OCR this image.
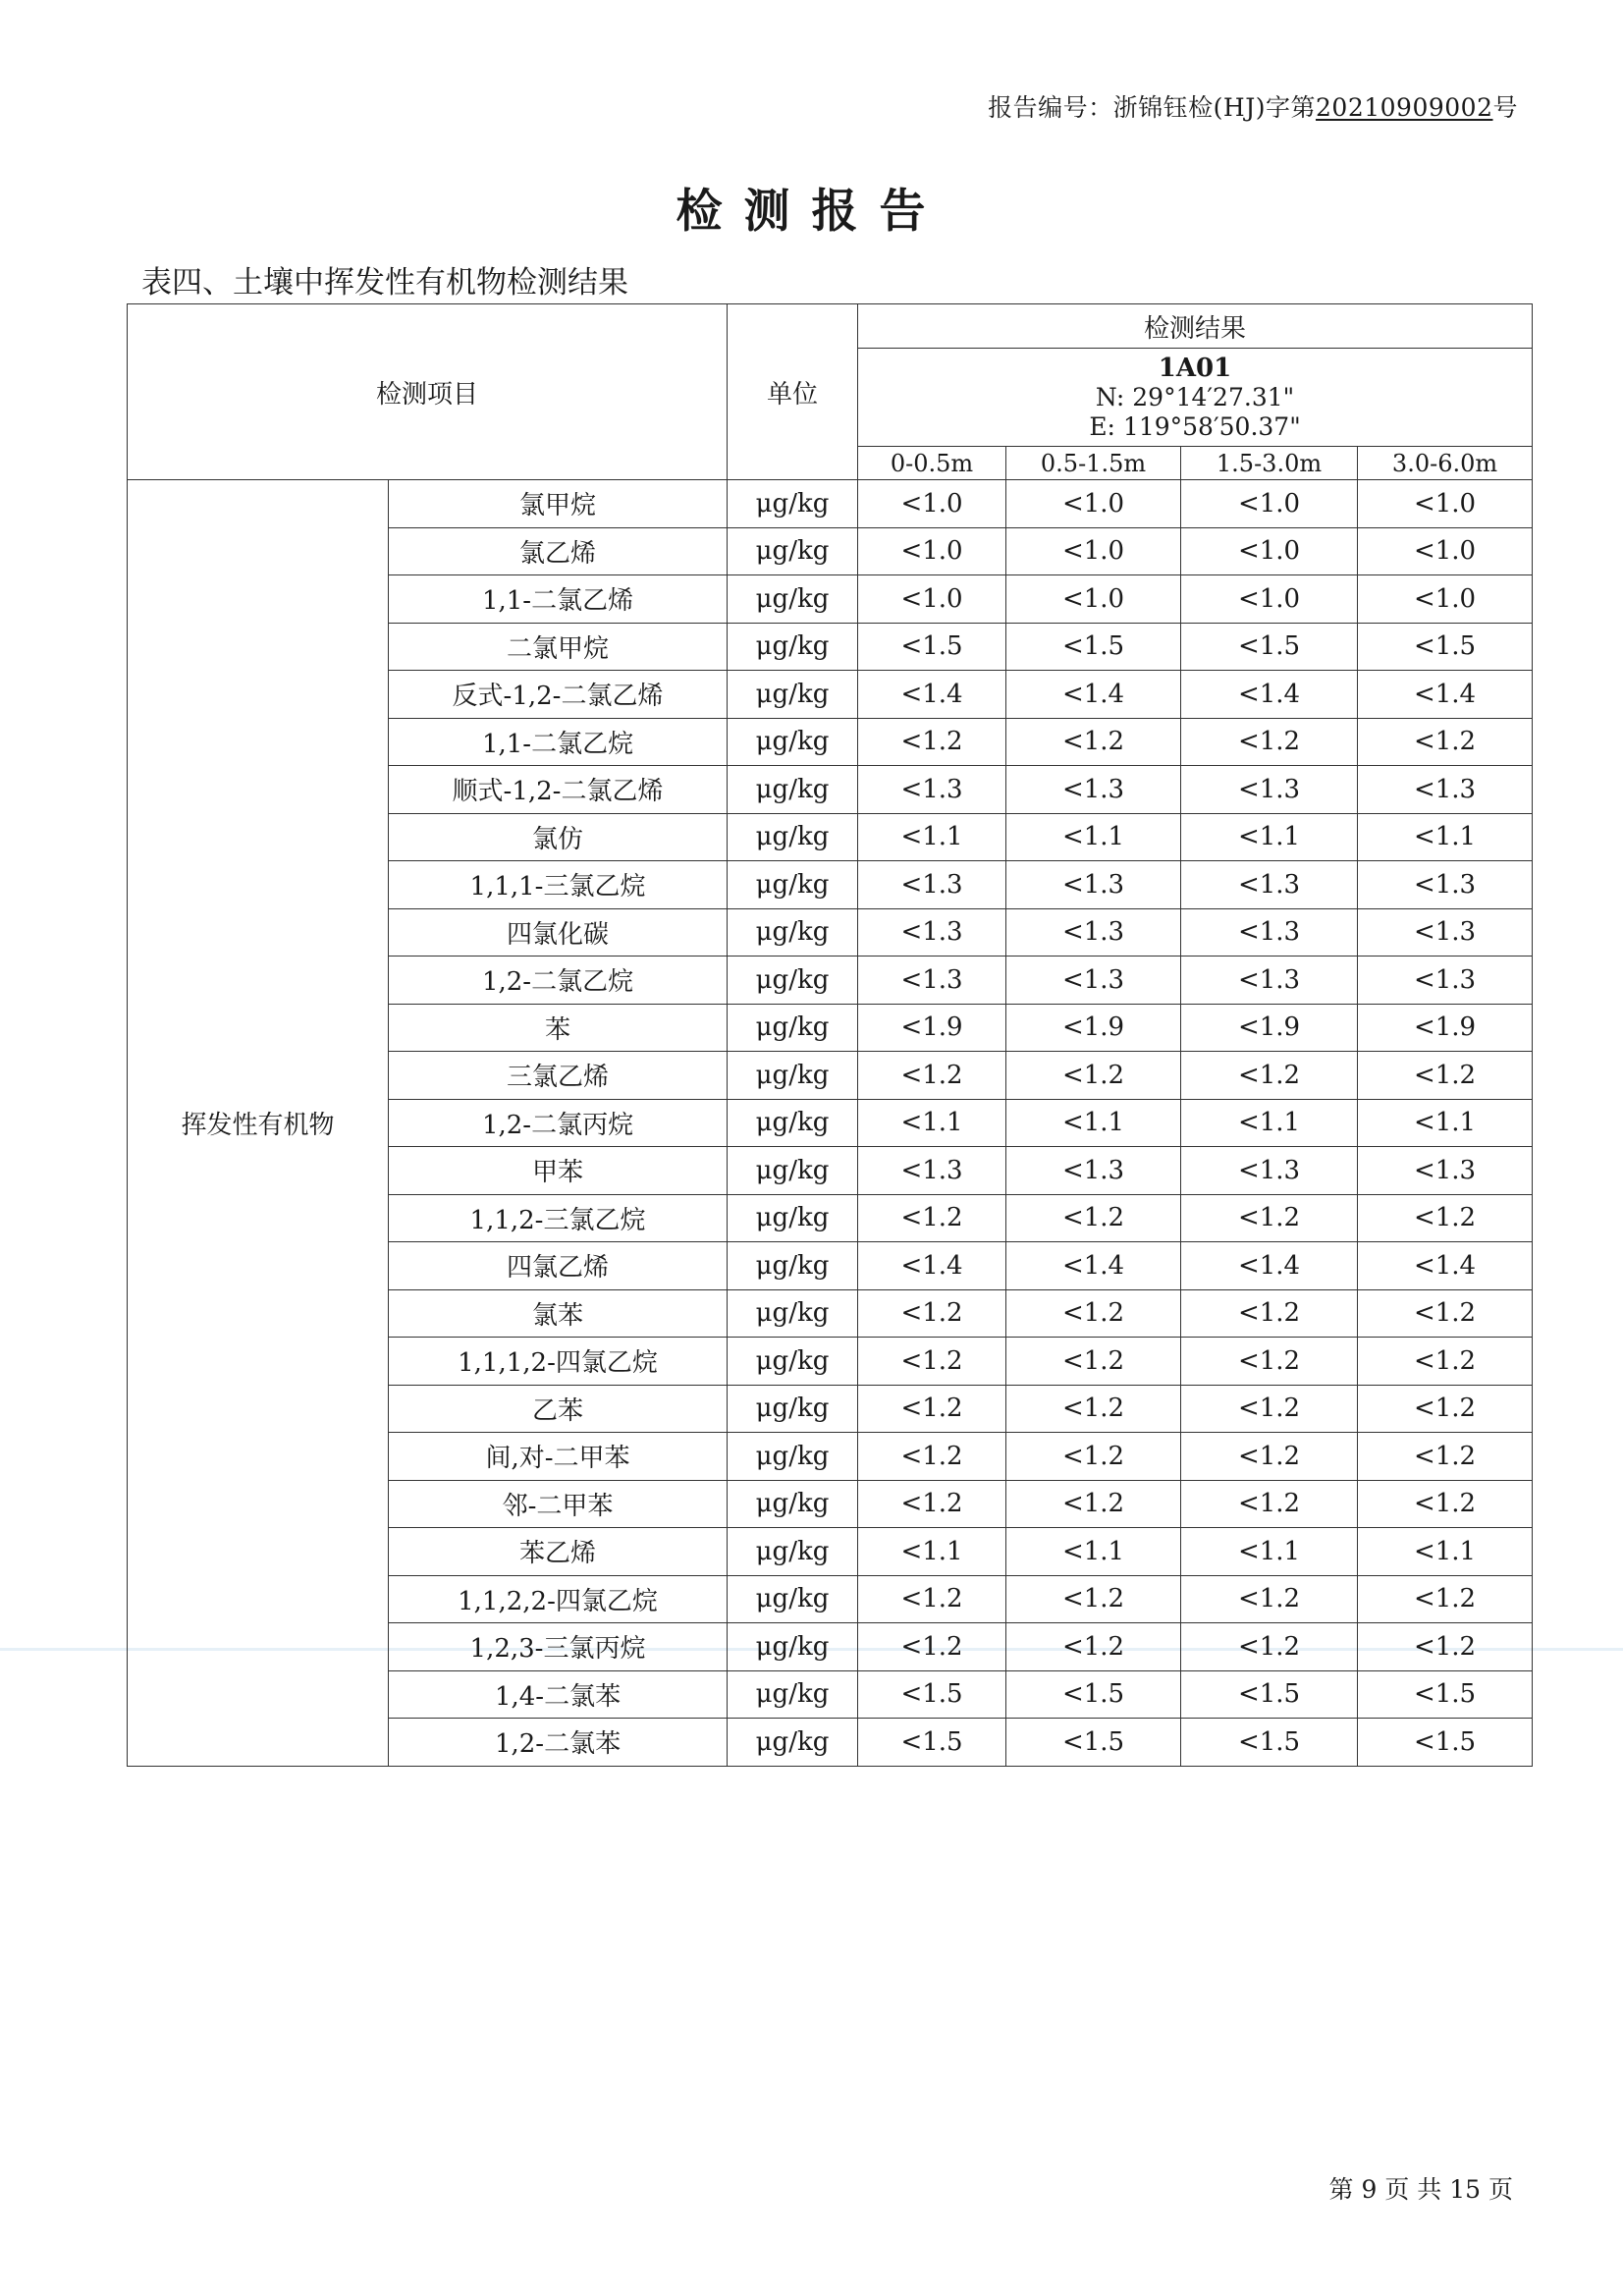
报告编号：浙锦钰检(HJ)字第20210909002号
检测报告
表四、土壤中挥发性有机物检测结果
检测项目		单位	检测结果			

			1A01
N: 29°14′27.31"
E: 119°58′50.37"			

			0-0.5m	0.5-1.5m	1.5-3.0m	3.0-6.0m
挥发性有机物	氯甲烷	μg/kg	<1.0	<1.0	<1.0	<1.0
	氯乙烯	μg/kg	<1.0	<1.0	<1.0	<1.0
	1,1-二氯乙烯	μg/kg	<1.0	<1.0	<1.0	<1.0
	二氯甲烷	μg/kg	<1.5	<1.5	<1.5	<1.5
	反式-1,2-二氯乙烯	μg/kg	<1.4	<1.4	<1.4	<1.4
	1,1-二氯乙烷	μg/kg	<1.2	<1.2	<1.2	<1.2
	顺式-1,2-二氯乙烯	μg/kg	<1.3	<1.3	<1.3	<1.3
	氯仿	μg/kg	<1.1	<1.1	<1.1	<1.1
	1,1,1-三氯乙烷	μg/kg	<1.3	<1.3	<1.3	<1.3
	四氯化碳	μg/kg	<1.3	<1.3	<1.3	<1.3
	1,2-二氯乙烷	μg/kg	<1.3	<1.3	<1.3	<1.3
	苯	μg/kg	<1.9	<1.9	<1.9	<1.9
	三氯乙烯	μg/kg	<1.2	<1.2	<1.2	<1.2
	1,2-二氯丙烷	μg/kg	<1.1	<1.1	<1.1	<1.1
	甲苯	μg/kg	<1.3	<1.3	<1.3	<1.3
	1,1,2-三氯乙烷	μg/kg	<1.2	<1.2	<1.2	<1.2
	四氯乙烯	μg/kg	<1.4	<1.4	<1.4	<1.4
	氯苯	μg/kg	<1.2	<1.2	<1.2	<1.2
	1,1,1,2-四氯乙烷	μg/kg	<1.2	<1.2	<1.2	<1.2
	乙苯	μg/kg	<1.2	<1.2	<1.2	<1.2
	间,对-二甲苯	μg/kg	<1.2	<1.2	<1.2	<1.2
	邻-二甲苯	μg/kg	<1.2	<1.2	<1.2	<1.2
	苯乙烯	μg/kg	<1.1	<1.1	<1.1	<1.1
	1,1,2,2-四氯乙烷	μg/kg	<1.2	<1.2	<1.2	<1.2
	1,2,3-三氯丙烷	μg/kg	<1.2	<1.2	<1.2	<1.2
	1,4-二氯苯	μg/kg	<1.5	<1.5	<1.5	<1.5
	1,2-二氯苯	μg/kg	<1.5	<1.5	<1.5	<1.5
第 9 页 共 15 页
